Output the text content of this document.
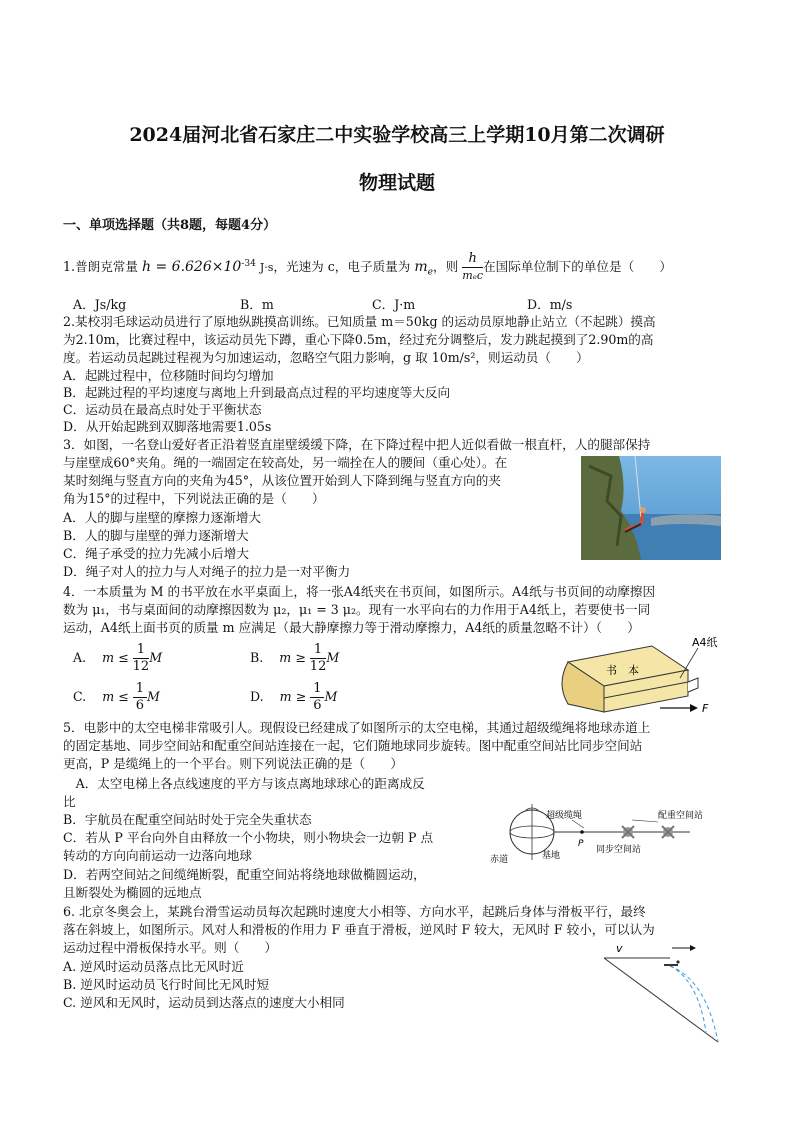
2024届河北省石家庄二中实验学校高三上学期10月第二次调研
物理试题
一、单项选择题（共8题，每题4分）
1.普朗克常量 $h = 6.626\times 10^{-34}$ J·s，光速为 c，电子质量为 $m_e$，则 $\frac{h}{\text{mₑc}}$ 在国际单位制下的单位是（　　）
A．Js/kg	B．m	C．J·m	D．m/s
2.某校羽毛球运动员进行了原地纵跳摸高训练。已知质量 m＝50kg 的运动员原地静止站立（不起跳）摸高
为2.10m，比赛过程中，该运动员先下蹲，重心下降0.5m，经过充分调整后，发力跳起摸到了2.90m的高
度。若运动员起跳过程视为匀加速运动，忽略空气阻力影响，g 取 10m/s²，则运动员（　　）
A．起跳过程中，位移随时间均匀增加
B．起跳过程的平均速度与离地上升到最高点过程的平均速度等大反向
C．运动员在最高点时处于平衡状态
D．从开始起跳到双脚落地需要1.05s
3．如图，一名登山爱好者正沿着竖直崖壁缓缓下降，在下降过程中把人近似看做一根直杆，人的腿部保持
与崖壁成60°夹角。绳的一端固定在较高处，另一端拴在人的腰间（重心处）。在
某时刻绳与竖直方向的夹角为45°，从该位置开始到人下降到绳与竖直方向的夹
角为15°的过程中，下列说法正确的是（　　）
A．人的脚与崖壁的摩擦力逐渐增大
B．人的脚与崖壁的弹力逐渐增大
C．绳子承受的拉力先减小后增大
D．绳子对人的拉力与人对绳子的拉力是一对平衡力
4．一本质量为 M 的书平放在水平桌面上，将一张A4纸夹在书页间，如图所示。A4纸与书页间的动摩擦因
数为 μ₁，书与桌面间的动摩擦因数为 μ₂，μ₁ = 3 μ₂。现有一水平向右的力作用于A4纸上，若要使书一同
运动，A4纸上面书页的质量 m 应满足（最大静摩擦力等于滑动摩擦力，A4纸的质量忽略不计）（　　）
A. $m \le \frac{1}{12}$ M	B. $m \ge \frac{1}{12}$ M
C. $m \le \frac{1}{6}$ M	D. $m \ge \frac{1}{6}$ M
书　本
A4纸
F
5．电影中的太空电梯非常吸引人。现假设已经建成了如图所示的太空电梯，其通过超级缆绳将地球赤道上
的固定基地、同步空间站和配重空间站连接在一起，它们随地球同步旋转。图中配重空间站比同步空间站
更高，P 是缆绳上的一个平台。则下列说法正确的是（　　）
　A．太空电梯上各点线速度的平方与该点离地球球心的距离成反
比
B．宇航员在配重空间站时处于完全失重状态
C．若从 P 平台向外自由释放一个小物块，则小物块会一边朝 P 点
转动的方向向前运动一边落向地球
D．若两空间站之间缆绳断裂，配重空间站将绕地球做椭圆运动，
且断裂处为椭圆的远地点
超级缆绳	配重空间站
P
赤道	基地
同步空间站
6. 北京冬奥会上，某跳台滑雪运动员每次起跳时速度大小相等、方向水平，起跳后身体与滑板平行，最终
落在斜坡上，如图所示。风对人和滑板的作用力 F 垂直于滑板，逆风时 F 较大，无风时 F 较小，可以认为
运动过程中滑板保持水平。则（　　）
A. 逆风时运动员落点比无风时近
B. 逆风时运动员飞行时间比无风时短
C. 逆风和无风时，运动员到达落点的速度大小相同
v
